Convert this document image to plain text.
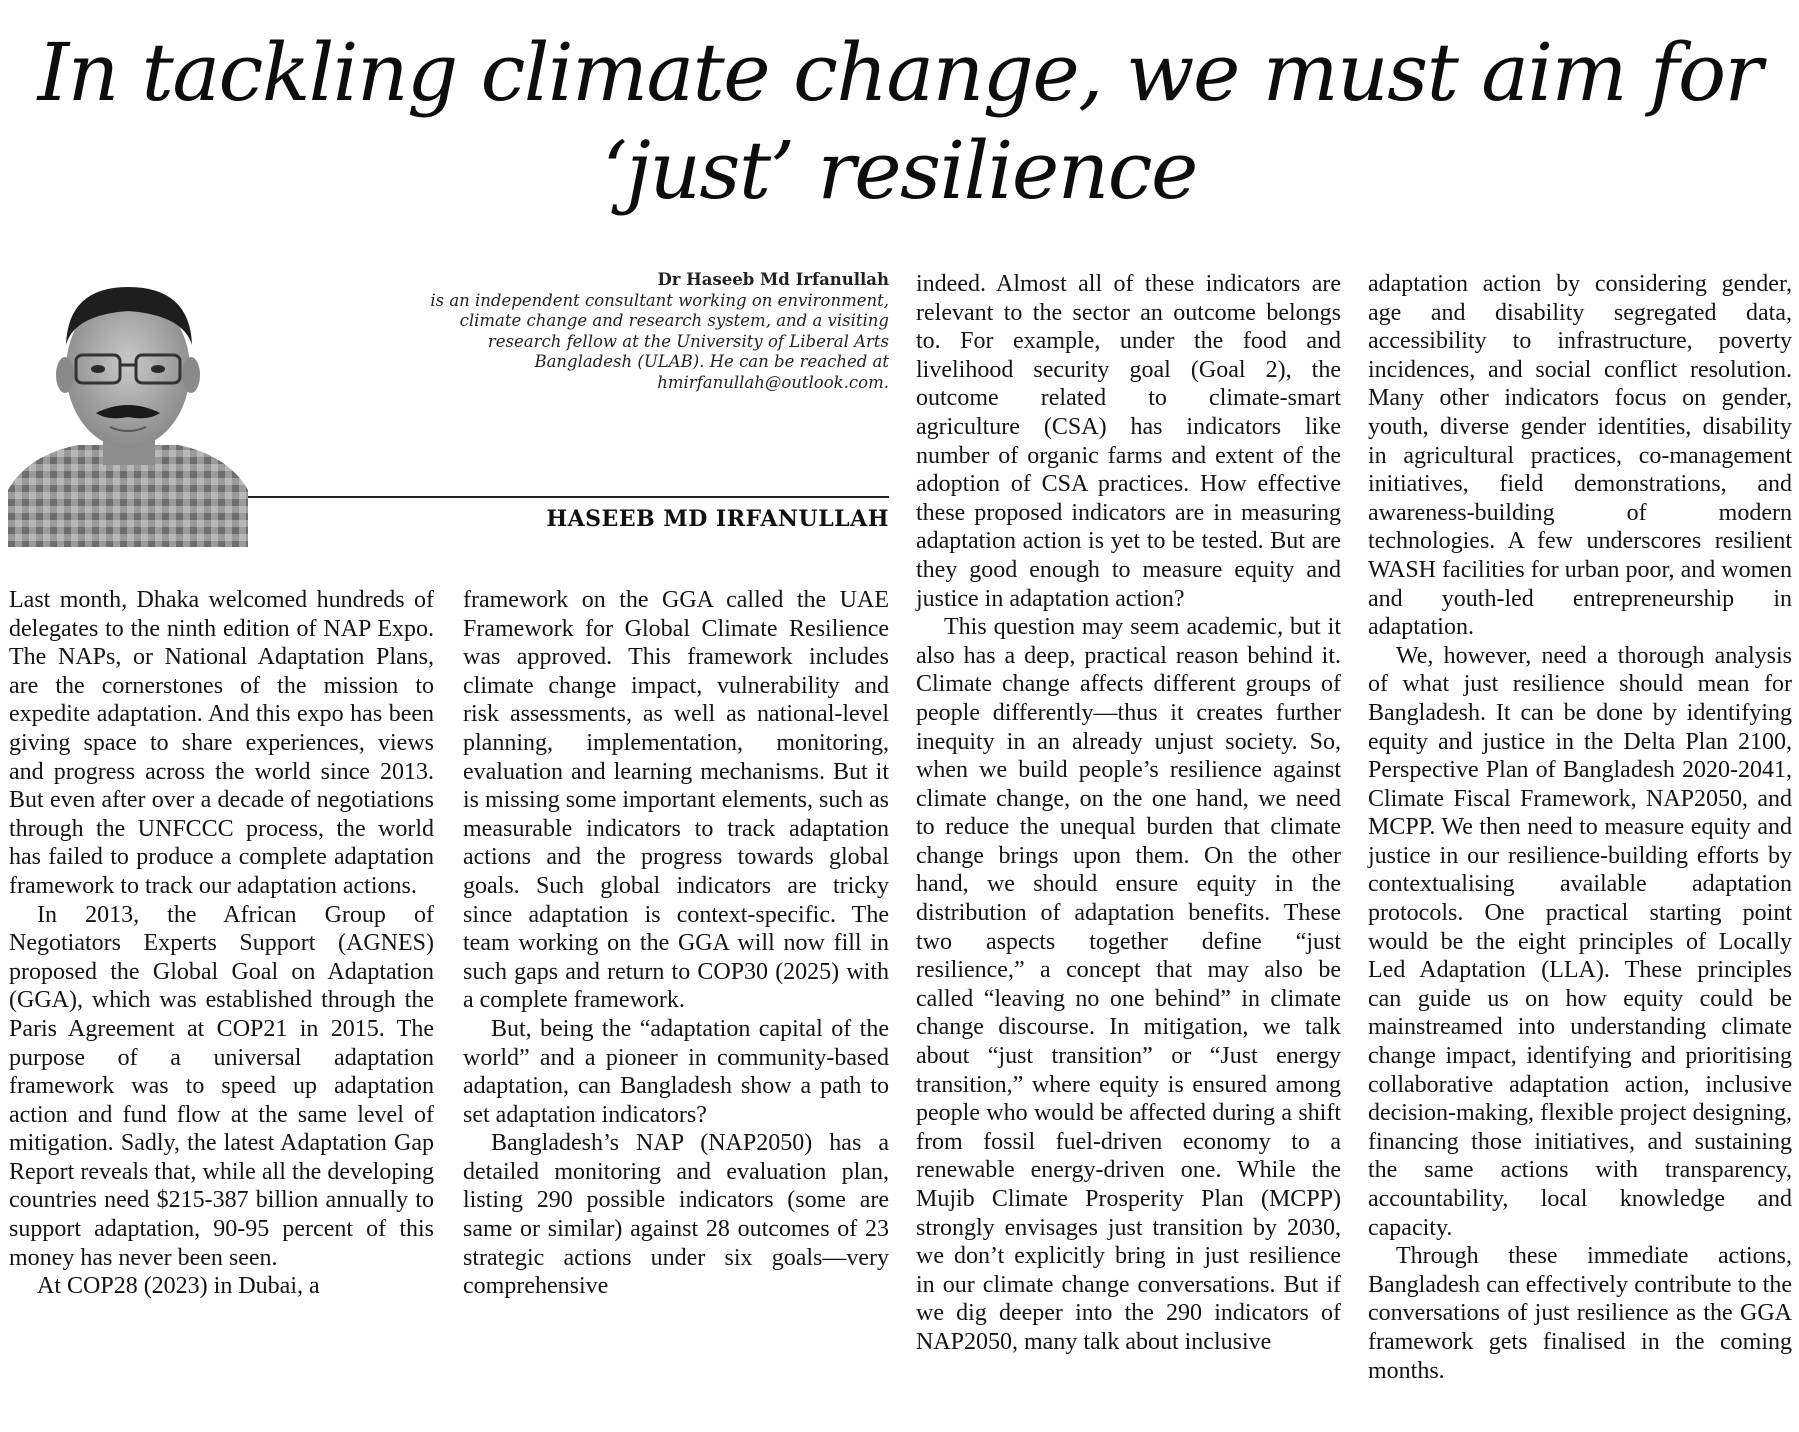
In tackling climate change, we must aim for ‘just’ resilience
Dr Haseeb Md Irfanullah
is an independent consultant working on environment, climate change and research system, and a visiting research fellow at the University of Liberal Arts Bangladesh (ULAB). He can be reached at hmirfanullah@outlook.com.
HASEEB MD IRFANULLAH

Last month, Dhaka welcomed hundreds of delegates to the ninth edition of NAP Expo. The NAPs, or National Adaptation Plans, are the cornerstones of the mission to expedite adaptation. And this expo has been giving space to share experiences, views and progress across the world since 2013. But even after over a decade of negotiations through the UNFCCC process, the world has failed to produce a complete adaptation framework to track our adaptation actions.

In 2013, the African Group of Negotiators Experts Support (AGNES) proposed the Global Goal on Adaptation (GGA), which was established through the Paris Agreement at COP21 in 2015. The purpose of a universal adaptation framework was to speed up adaptation action and fund flow at the same level of mitigation. Sadly, the latest Adaptation Gap Report reveals that, while all the developing countries need $215-387 billion annually to support adaptation, 90-95 percent of this money has never been seen.

At COP28 (2023) in Dubai, a

framework on the GGA called the UAE Framework for Global Climate Resilience was approved. This framework includes climate change impact, vulnerability and risk assessments, as well as national-level planning, implementation, monitoring, evaluation and learning mechanisms. But it is missing some important elements, such as measurable indicators to track adaptation actions and the progress towards global goals. Such global indicators are tricky since adaptation is context-specific. The team working on the GGA will now fill in such gaps and return to COP30 (2025) with a complete framework.

But, being the “adaptation capital of the world” and a pioneer in community-based adaptation, can Bangladesh show a path to set adaptation indicators?

Bangladesh’s NAP (NAP2050) has a detailed monitoring and evaluation plan, listing 290 possible indicators (some are same or similar) against 28 outcomes of 23 strategic actions under six goals—very comprehensive

indeed. Almost all of these indicators are relevant to the sector an outcome belongs to. For example, under the food and livelihood security goal (Goal 2), the outcome related to climate-smart agriculture (CSA) has indicators like number of organic farms and extent of the adoption of CSA practices. How effective these proposed indicators are in measuring adaptation action is yet to be tested. But are they good enough to measure equity and justice in adaptation action?

This question may seem academic, but it also has a deep, practical reason behind it. Climate change affects different groups of people differently—thus it creates further inequity in an already unjust society. So, when we build people’s resilience against climate change, on the one hand, we need to reduce the unequal burden that climate change brings upon them. On the other hand, we should ensure equity in the distribution of adaptation benefits. These two aspects together define “just resilience,” a concept that may also be called “leaving no one behind” in climate change discourse. In mitigation, we talk about “just transition” or “Just energy transition,” where equity is ensured among people who would be affected during a shift from fossil fuel-driven economy to a renewable energy-driven one. While the Mujib Climate Prosperity Plan (MCPP) strongly envisages just transition by 2030, we don’t explicitly bring in just resilience in our climate change conversations. But if we dig deeper into the 290 indicators of NAP2050, many talk about inclusive

adaptation action by considering gender, age and disability segregated data, accessibility to infrastructure, poverty incidences, and social conflict resolution. Many other indicators focus on gender, youth, diverse gender identities, disability in agricultural practices, co-management initiatives, field demonstrations, and awareness-building of modern technologies. A few underscores resilient WASH facilities for urban poor, and women and youth-led entrepreneurship in adaptation.

We, however, need a thorough analysis of what just resilience should mean for Bangladesh. It can be done by identifying equity and justice in the Delta Plan 2100, Perspective Plan of Bangladesh 2020-2041, Climate Fiscal Framework, NAP2050, and MCPP. We then need to measure equity and justice in our resilience-building efforts by contextualising available adaptation protocols. One practical starting point would be the eight principles of Locally Led Adaptation (LLA). These principles can guide us on how equity could be mainstreamed into understanding climate change impact, identifying and prioritising collaborative adaptation action, inclusive decision-making, flexible project designing, financing those initiatives, and sustaining the same actions with transparency, accountability, local knowledge and capacity.

Through these immediate actions, Bangladesh can effectively contribute to the conversations of just resilience as the GGA framework gets finalised in the coming months.
